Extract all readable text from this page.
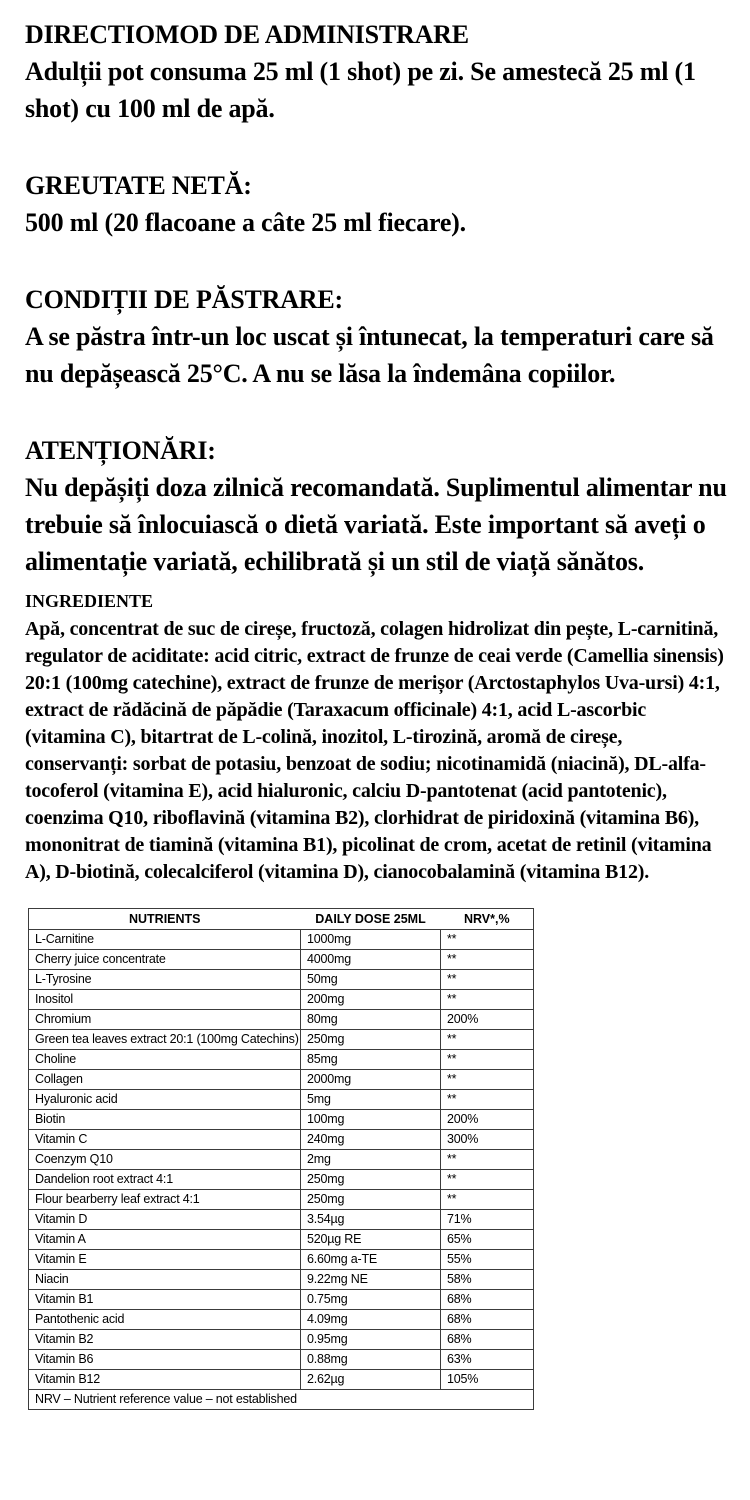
DIRECTIOMOD DE ADMINISTRARE

Adulții pot consuma 25 ml (1 shot) pe zi. Se amestecă 25 ml (1 shot) cu 100 ml de apă.

GREUTATE NETĂ:

500 ml (20 flacoane a câte 25 ml fiecare).

CONDIȚII DE PĂSTRARE:

A se păstra într-un loc uscat și întunecat, la temperaturi care să nu depășească 25°C. A nu se lăsa la îndemâna copiilor.

ATENȚIONĂRI:

Nu depășiți doza zilnică recomandată. Suplimentul alimentar nu trebuie să înlocuiască o dietă variată. Este important să aveți o alimentație variată, echilibrată și un stil de viață sănătos.

INGREDIENTE

Apă, concentrat de suc de cireșe, fructoză, colagen hidrolizat din pește, L-carnitină, regulator de aciditate: acid citric, extract de frunze de ceai verde (Camellia sinensis) 20:1 (100mg catechine), extract de frunze de merișor (Arctostaphylos Uva-ursi) 4:1, extract de rădăcină de păpădie (Taraxacum officinale) 4:1, acid L-ascorbic (vitamina C), bitartrat de L-colină, inozitol, L-tirozină, aromă de cireșe, conservanți: sorbat de potasiu, benzoat de sodiu; nicotinamidă (niacină), DL-alfa-tocoferol (vitamina E), acid hialuronic, calciu D-pantotenat (acid pantotenic), coenzima Q10, riboflavină (vitamina B2), clorhidrat de piridoxină (vitamina B6), mononitrat de tiamină (vitamina B1), picolinat de crom, acetat de retinil (vitamina A), D-biotină, colecalciferol (vitamina D), cianocobalamină (vitamina B12).

NUTRIENTS	DAILY DOSE 25ML	NRV*,%
L-Carnitine	1000mg	**
Cherry juice concentrate	4000mg	**
L-Tyrosine	50mg	**
Inositol	200mg	**
Chromium	80mg	200%
Green tea leaves extract 20:1 (100mg Catechins)	250mg	**
Choline	85mg	**
Collagen	2000mg	**
Hyaluronic acid	5mg	**
Biotin	100mg	200%
Vitamin C	240mg	300%
Coenzym Q10	2mg	**
Dandelion root extract 4:1	250mg	**
Flour bearberry leaf extract 4:1	250mg	**
Vitamin D	3.54µg	71%
Vitamin A	520µg RE	65%
Vitamin E	6.60mg a-TE	55%
Niacin	9.22mg NE	58%
Vitamin B1	0.75mg	68%
Pantothenic acid	4.09mg	68%
Vitamin B2	0.95mg	68%
Vitamin B6	0.88mg	63%
Vitamin B12	2.62µg	105%
NRV – Nutrient reference value – not established		
